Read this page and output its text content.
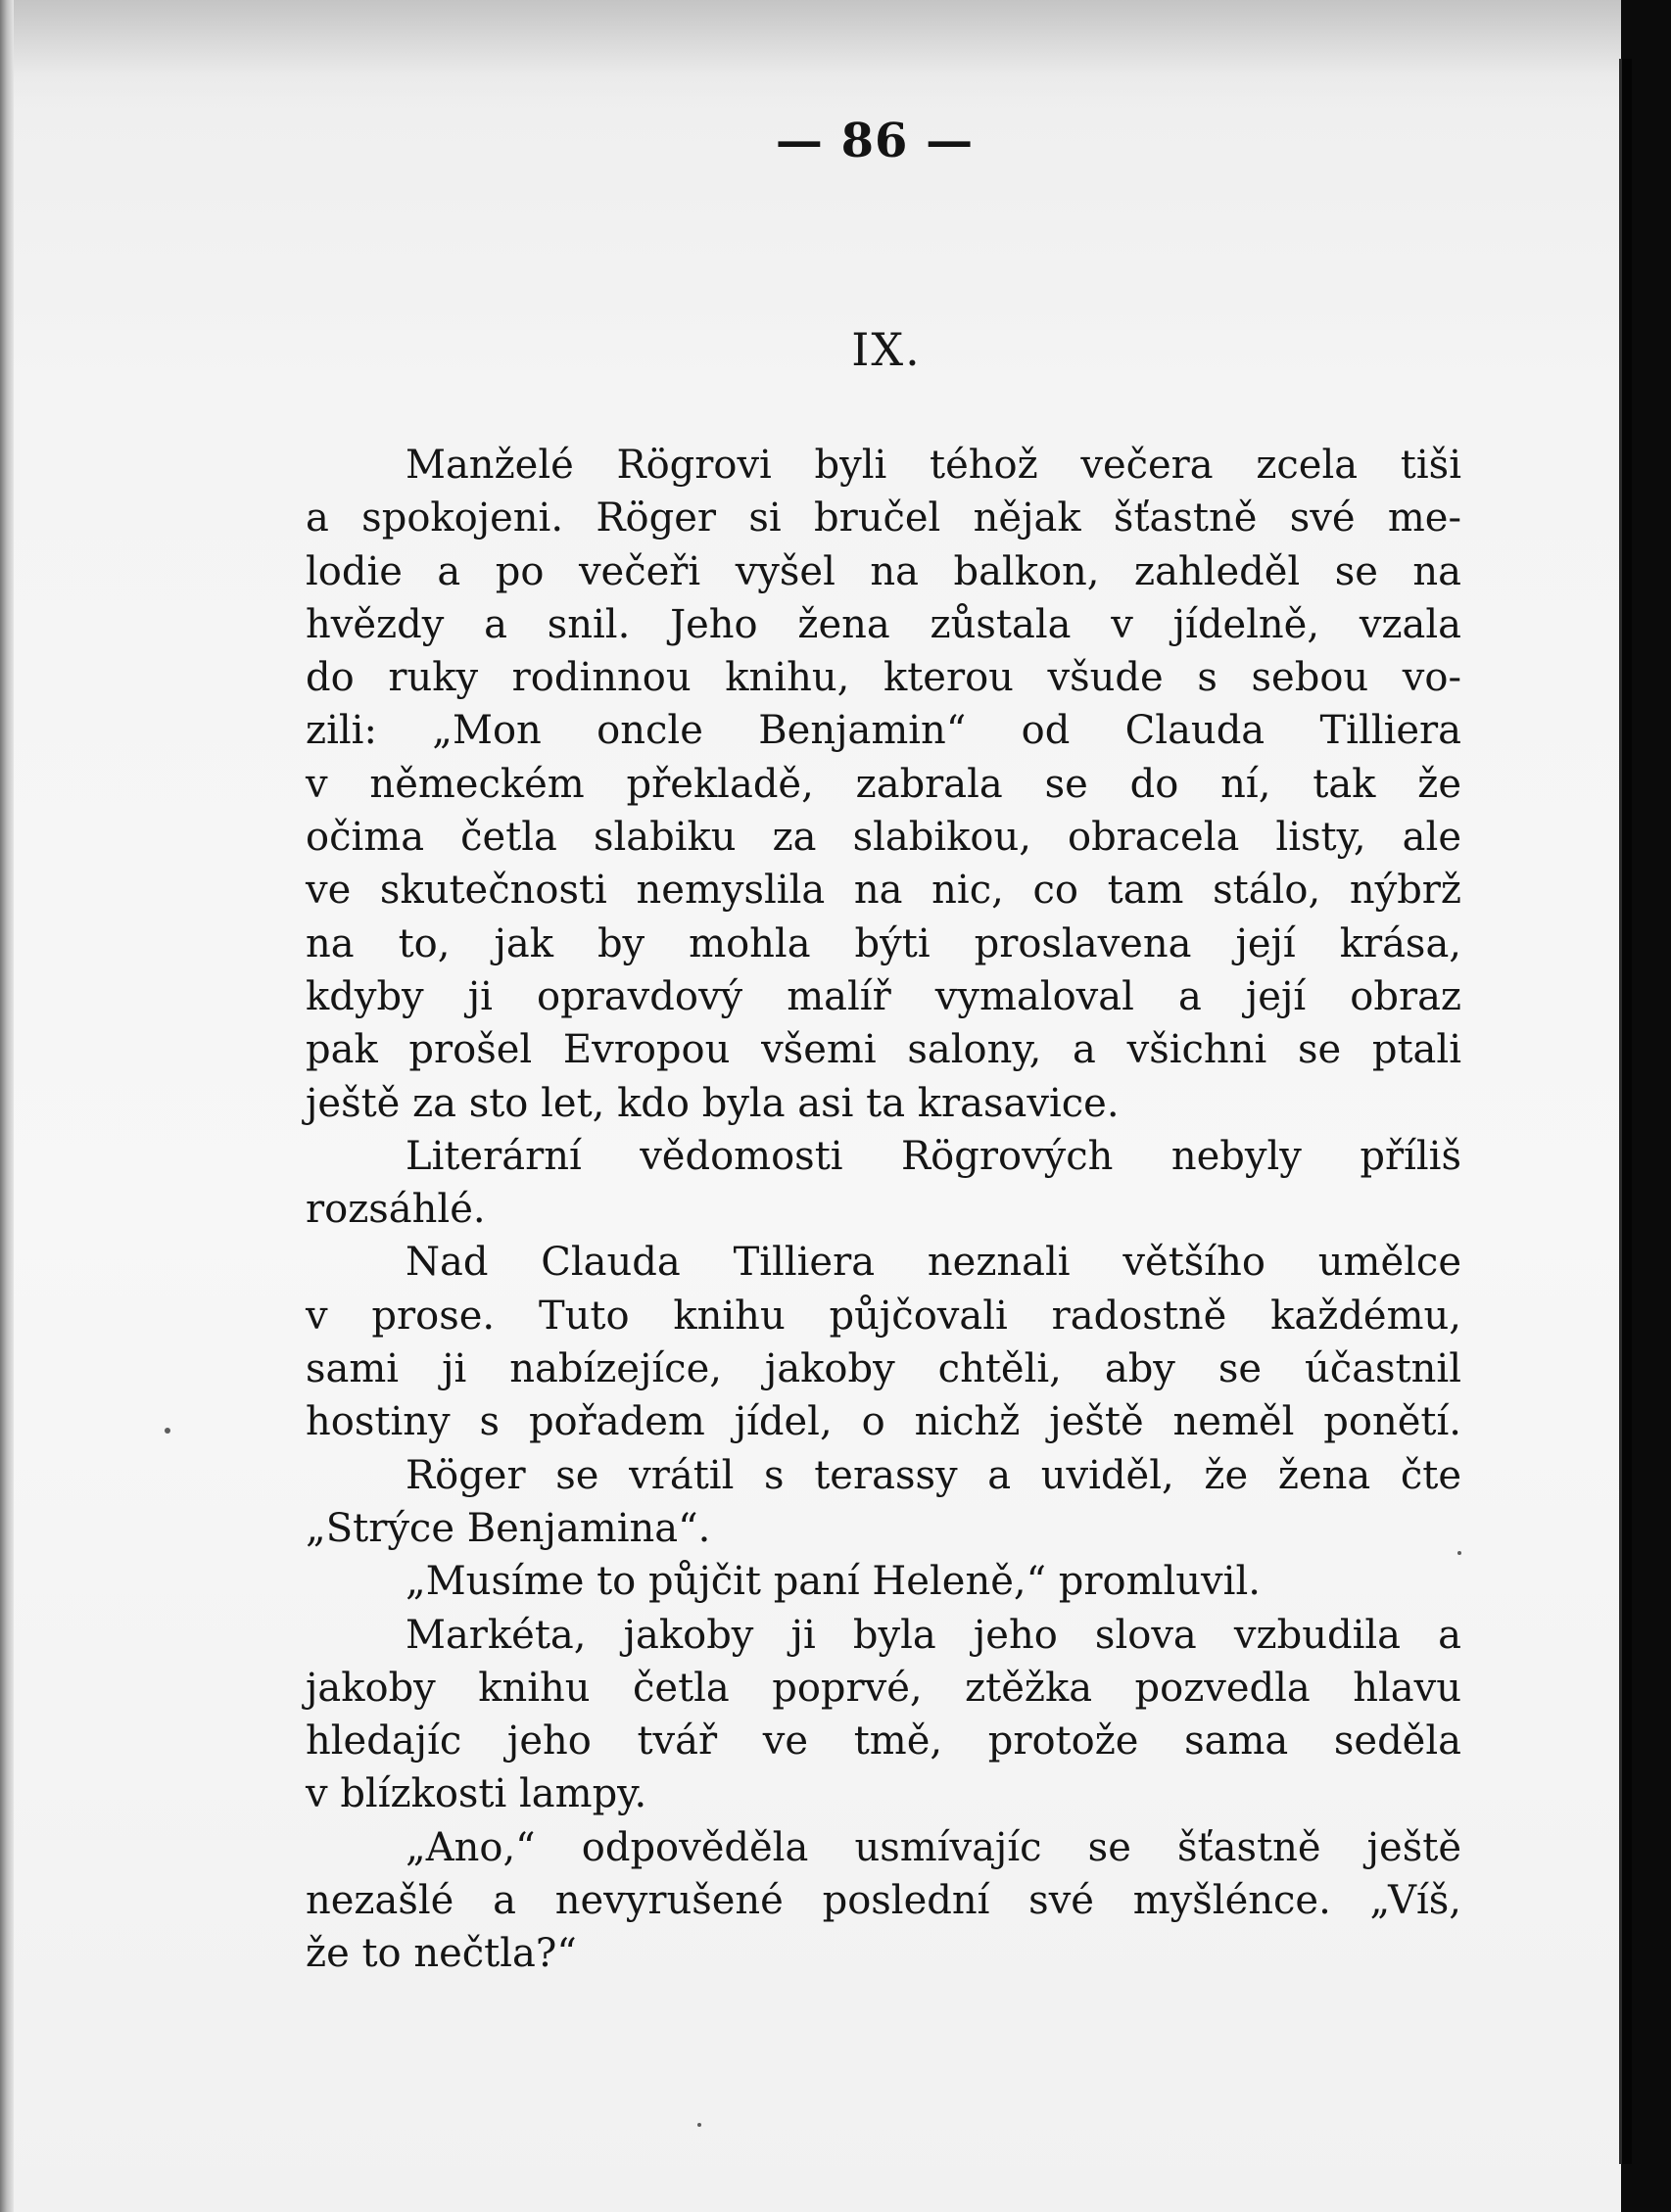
— 86 —
IX.
Manželé Rögrovi byli téhož večera zcela tiši
a spokojeni. Röger si bručel nějak šťastně své me-
lodie a po večeři vyšel na balkon, zahleděl se na
hvězdy a snil. Jeho žena zůstala v jídelně, vzala
do ruky rodinnou knihu, kterou všude s sebou vo-
zili: „Mon oncle Benjamin“ od Clauda Tilliera
v německém překladě, zabrala se do ní, tak že
očima četla slabiku za slabikou, obracela listy, ale
ve skutečnosti nemyslila na nic, co tam stálo, nýbrž
na to, jak by mohla býti proslavena její krása,
kdyby ji opravdový malíř vymaloval a její obraz
pak prošel Evropou všemi salony, a všichni se ptali
ještě za sto let, kdo byla asi ta krasavice.
Literární vědomosti Rögrových nebyly příliš
rozsáhlé.
Nad Clauda Tilliera neznali většího umělce
v prose. Tuto knihu půjčovali radostně každému,
sami ji nabízejíce, jakoby chtěli, aby se účastnil
hostiny s pořadem jídel, o nichž ještě neměl ponětí.
Röger se vrátil s terassy a uviděl, že žena čte
„Strýce Benjamina“.
„Musíme to půjčit paní Heleně,“ promluvil.
Markéta, jakoby ji byla jeho slova vzbudila a
jakoby knihu četla poprvé, ztěžka pozvedla hlavu
hledajíc jeho tvář ve tmě, protože sama seděla
v blízkosti lampy.
„Ano,“ odpověděla usmívajíc se šťastně ještě
nezašlé a nevyrušené poslední své myšlénce. „Víš,
že to nečtla?“
